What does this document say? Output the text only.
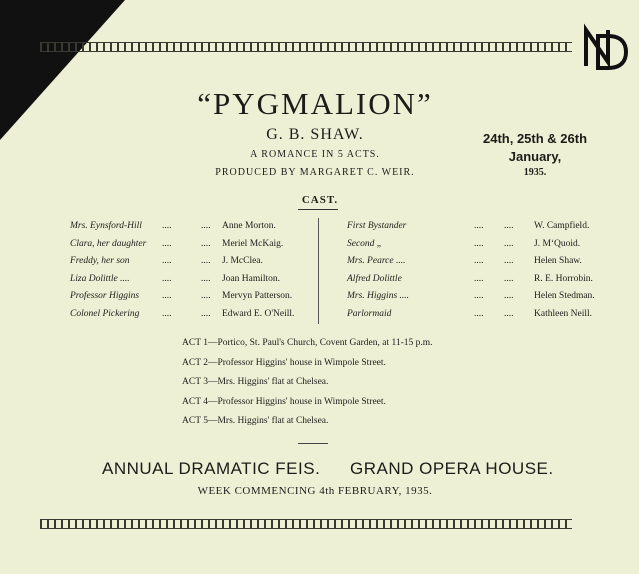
“PYGMALION”
G. B. SHAW.
A ROMANCE IN 5 ACTS.
PRODUCED BY MARGARET C. WEIR.
24th, 25th & 26th
January,
1935.
CAST.
Mrs. Eynsford-Hill ....	.... Anne Morton.
Clara, her daughter ....	.... Meriel McKaig.
Freddy, her son	....	.... J. McClea.
Liza Dolittle ....	....	.... Joan Hamilton.
Professor Higgins ....	.... Mervyn Patterson.
Colonel Pickering ....	.... Edward E. O'Neill.
First Bystander	.... .... W. Campfield.
Second „	.... .... J. M‘Quoid.
Mrs. Pearce ....	.... .... Helen Shaw.
Alfred Dolittle	.... .... R. E. Horrobin.
Mrs. Higgins ....	.... .... Helen Stedman.
Parlormaid	.... .... Kathleen Neill.
ACT 1—Portico, St. Paul's Church, Covent Garden, at 11-15 p.m.
ACT 2—Professor Higgins' house in Wimpole Street.
ACT 3—Mrs. Higgins' flat at Chelsea.
ACT 4—Professor Higgins' house in Wimpole Street.
ACT 5—Mrs. Higgins' flat at Chelsea.
ANNUAL DRAMATIC FEIS. GRAND OPERA HOUSE.
WEEK COMMENCING 4th FEBRUARY, 1935.
